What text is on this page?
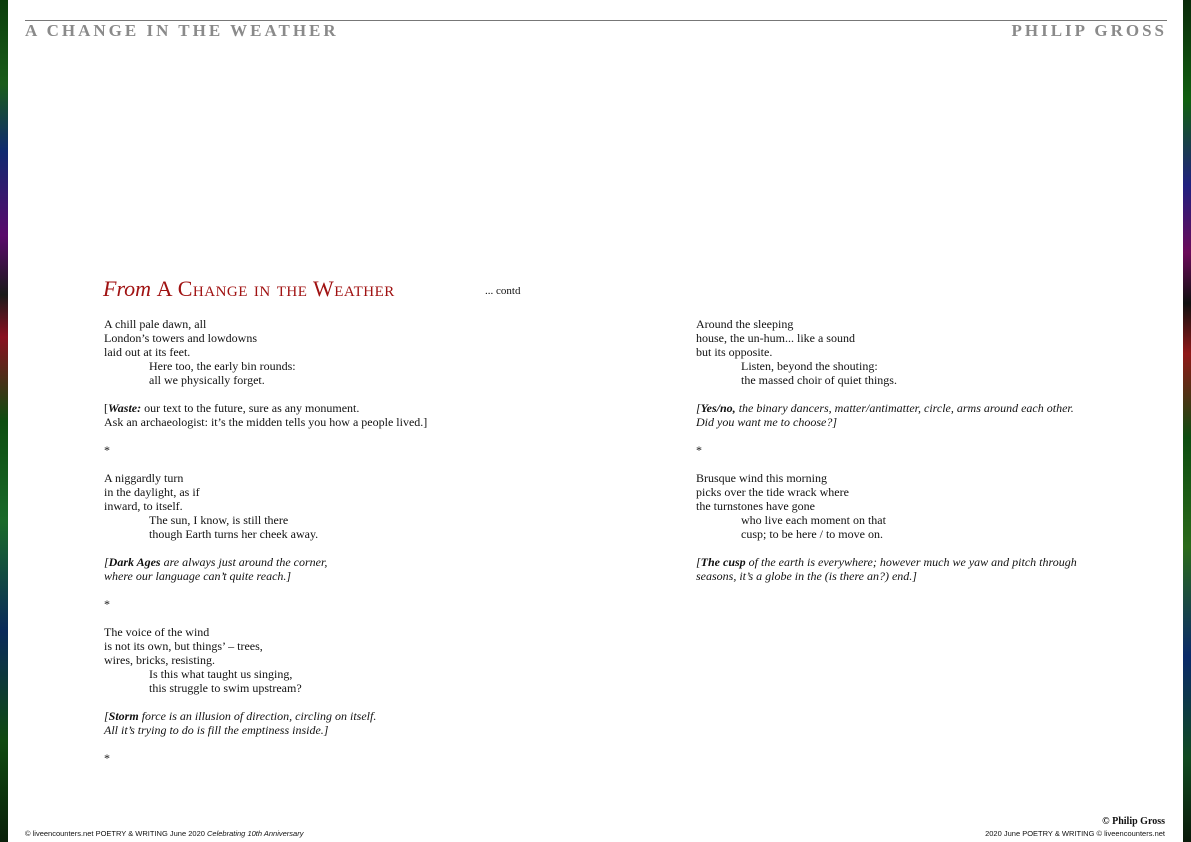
A CHANGE IN THE WEATHER	PHILIP GROSS
From A Change in the Weather	... contd

A chill pale dawn, all

London’s towers and lowdowns

laid out at its feet.

Here too, the early bin rounds:

all we physically forget.

[Waste: our text to the future, sure as any monument.

Ask an archaeologist: it’s the midden tells you how a people lived.]

*

A niggardly turn

in the daylight, as if

inward, to itself.

The sun, I know, is still there

though Earth turns her cheek away.

[Dark Ages are always just around the corner,

where our language can’t quite reach.]

*

The voice of the wind

is not its own, but things’ – trees,

wires, bricks, resisting.

Is this what taught us singing,

this struggle to swim upstream?

[Storm force is an illusion of direction, circling on itself.

All it’s trying to do is fill the emptiness inside.]

*

Around the sleeping

house, the un-hum... like a sound

but its opposite.

Listen, beyond the shouting:

the massed choir of quiet things.

[Yes/no, the binary dancers, matter/antimatter, circle, arms around each other.

Did you want me to choose?]

*

Brusque wind this morning

picks over the tide wrack where

the turnstones have gone

who live each moment on that

cusp; to be here / to move on.

[The cusp of the earth is everywhere; however much we yaw and pitch through

seasons, it’s a globe in the (is there an?) end.]

© liveencounters.net POETRY & WRITING June 2020 Celebrating 10th Anniversary
© Philip Gross
2020 June POETRY & WRITING © liveencounters.net
